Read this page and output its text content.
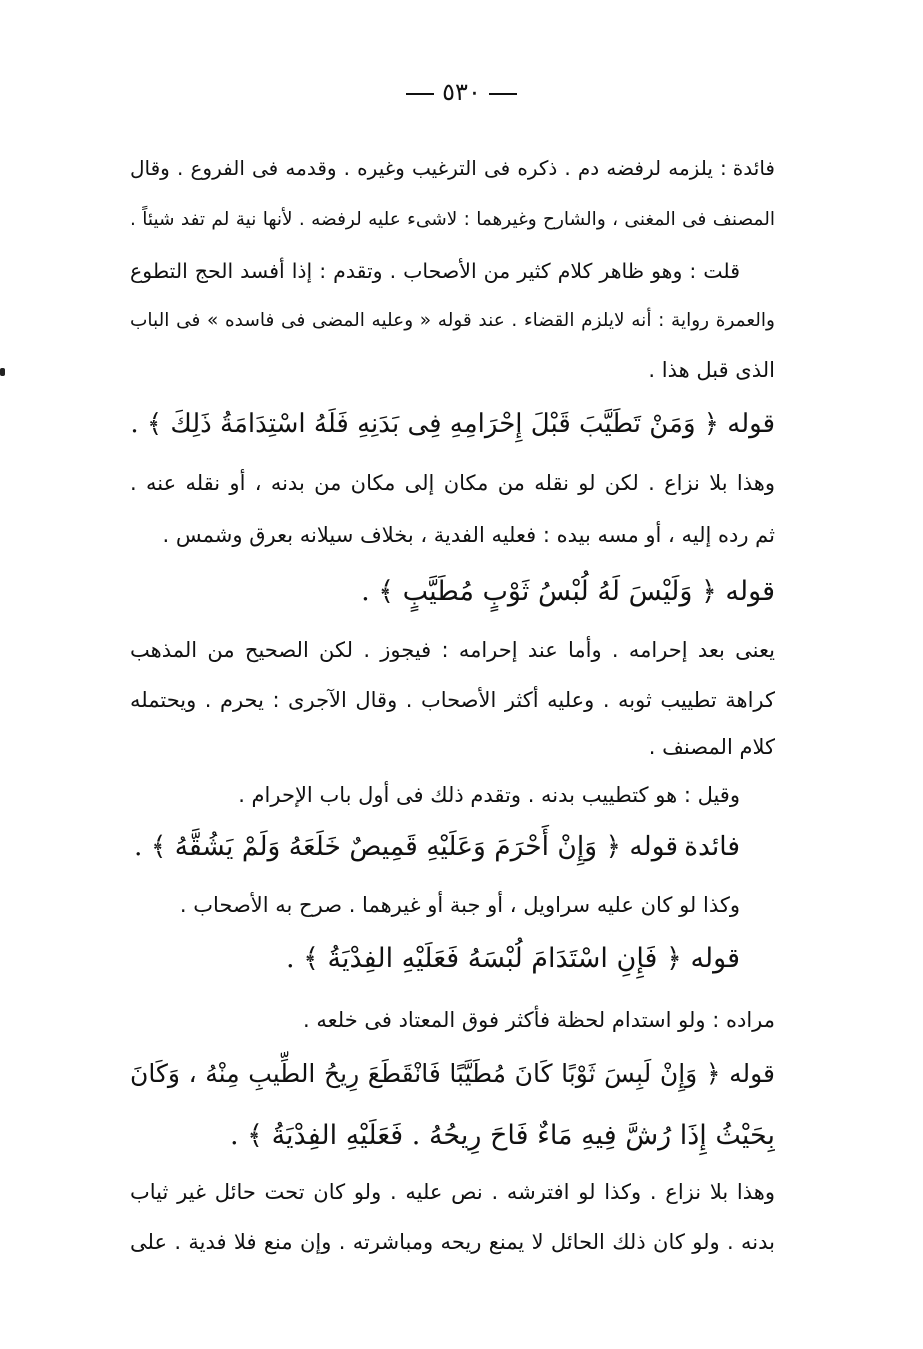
٥٣٠
فائدة: يلزمه لرفضه دم . ذكره فى الترغيب وغيره . وقدمه فى الفروع . وقال
المصنف فى المغنى ، والشارح وغيرهما : لاشىء عليه لرفضه . لأنها نية لم تفد شيئاً .
قلت : وهو ظاهر كلام كثير من الأصحاب . وتقدم : إذا أفسد الحج التطوع
والعمرة رواية : أنه لايلزم القضاء . عند قوله « وعليه المضى فى فاسده » فى الباب
الذى قبل هذا .
قوله ﴿ وَمَنْ تَطَيَّبَ قَبْلَ إِحْرَامِهِ فِى بَدَنِهِ فَلَهُ اسْتِدَامَةُ ذَلِكَ ﴾ .
وهذا بلا نزاع . لكن لو نقله من مكان إلى مكان من بدنه ، أو نقله عنه .
ثم رده إليه ، أو مسه بيده : فعليه الفدية ، بخلاف سيلانه بعرق وشمس .
قوله ﴿ وَلَيْسَ لَهُ لُبْسُ ثَوْبٍ مُطَيَّبٍ ﴾ .
يعنى بعد إحرامه . وأما عند إحرامه : فيجوز . لكن الصحيح من المذهب
كراهة تطييب ثوبه . وعليه أكثر الأصحاب . وقال الآجرى : يحرم . ويحتمله
كلام المصنف .
وقيل : هو كتطييب بدنه . وتقدم ذلك فى أول باب الإحرام .
فائدةقوله ﴿ وَإِنْ أَحْرَمَ وَعَلَيْهِ قَمِيصٌ خَلَعَهُ وَلَمْ يَشُقَّهُ ﴾ .
وكذا لو كان عليه سراويل ، أو جبة أو غيرهما . صرح به الأصحاب .
قوله ﴿ فَإِنِ اسْتَدَامَ لُبْسَهُ فَعَلَيْهِ الفِدْيَةُ ﴾ .
مراده : ولو استدام لحظة فأكثر فوق المعتاد فى خلعه .
قوله ﴿ وَإِنْ لَبِسَ ثَوْبًا كَانَ مُطَيَّبًا فَانْقَطَعَ رِيحُ الطِّيبِ مِنْهُ ، وَكَانَ
بِحَيْثُ إِذَا رُشَّ فِيهِ مَاءٌ فَاحَ رِيحُهُ . فَعَلَيْهِ الفِدْيَةُ ﴾ .
وهذا بلا نزاع . وكذا لو افترشه . نص عليه . ولو كان تحت حائل غير ثياب
بدنه . ولو كان ذلك الحائل لا يمنع ريحه ومباشرته . وإن منع فلا فدية . على
